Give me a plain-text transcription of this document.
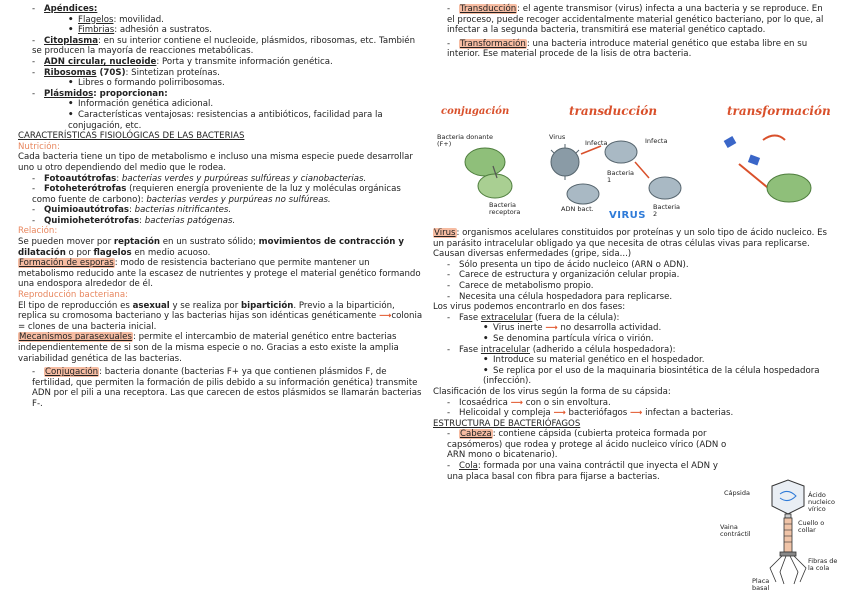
- Apéndices:

• Flagelos: movilidad.

• Fimbrias: adhesión a sustratos.

- Citoplasma: en su interior contiene el nucleoide, plásmidos, ribosomas, etc. También se producen la mayoría de reacciones metabólicas.

- ADN circular, nucleoide: Porta y transmite información genética.

- Ribosomas (70S): Sintetizan proteínas.

• Libres o formando polirribosomas.

- Plásmidos: proporcionan:

• Información genética adicional.

• Características ventajosas: resistencias a antibióticos, facilidad para la conjugación, etc.

CARACTERÍSTICAS FISIOLÓGICAS DE LAS BACTERIAS

Nutrición:

Cada bacteria tiene un tipo de metabolismo e incluso una misma especie puede desarrollar uno u otro dependiendo del medio que le rodea.

- Fotoautótrofas: bacterias verdes y purpúreas sulfúreas y cianobacterias.

- Fotoheterótrofas (requieren energía proveniente de la luz y moléculas orgánicas como fuente de carbono): bacterias verdes y purpúreas no sulfúreas.

- Quimioautótrofas: bacterias nitrificantes.

- Quimioheterótrofas: bacterias patógenas.

Relación:

Se pueden mover por reptación en un sustrato sólido; movimientos de contracción y dilatación o por flagelos en medio acuoso.

Formación de esporas: modo de resistencia bacteriano que permite mantener un metabolismo reducido ante la escasez de nutrientes y protege el material genético formando una endospora alrededor de él.

Reproducción bacteriana:

El tipo de reproducción es asexual y se realiza por bipartición. Previo a la bipartición, replica su cromosoma bacteriano y las bacterias hijas son idénticas genéticamente ⟶colonia = clones de una bacteria inicial.

Mecanismos parasexuales: permite el intercambio de material genético entre bacterias independientemente de si son de la misma especie o no. Gracias a esto existe la amplia variabilidad genética de las bacterias.

- Conjugación: bacteria donante (bacterias F+ ya que contienen plásmidos F, de fertilidad, que permiten la formación de pilis debido a su información genética) transmite ADN por el pili a una receptora. Las que carecen de estos plásmidos se llamarán bacterias F-.

- Transducción: el agente transmisor (virus) infecta a una bacteria y se reproduce. En el proceso, puede recoger accidentalmente material genético bacteriano, por lo que, al infectar a la segunda bacteria, transmitirá ese material genético captado.

- Transformación: una bacteria introduce material genético que estaba libre en su interior. Ese material procede de la lisis de otra bacteria.

conjugación	transducción	transformación
Bacteria donante (F+)
Bacteria receptora
Virus
Infecta	Infecta
Bacteria 1
Bacteria 2
ADN bact.
VIRUS

Virus: organismos acelulares constituidos por proteínas y un solo tipo de ácido nucleico. Es un parásito intracelular obligado ya que necesita de otras células vivas para replicarse. Causan diversas enfermedades (gripe, sida...)

- Sólo presenta un tipo de ácido nucleico (ARN o ADN).

- Carece de estructura y organización celular propia.

- Carece de metabolismo propio.

- Necesita una célula hospedadora para replicarse.

Los virus podemos encontrarlo en dos fases:

- Fase extracelular (fuera de la célula):

• Virus inerte ⟶ no desarrolla actividad.

• Se denomina partícula vírica o virión.

- Fase intracelular (adherido a célula hospedadora):

• Introduce su material genético en el hospedador.

• Se replica por el uso de la maquinaria biosintética de la célula hospedadora (infección).

Clasificación de los virus según la forma de su cápsida:

- Icosaédrica ⟶ con o sin envoltura.

- Helicoidal y compleja ⟶ bacteriófagos ⟶ infectan a bacterias.

ESTRUCTURA DE BACTERIÓFAGOS

- Cabeza: contiene cápsida (cubierta proteica formada por capsómeros) que rodea y protege al ácido nucleico vírico (ADN o ARN mono o bicatenario).

- Cola: formada por una vaina contráctil que inyecta el ADN y una placa basal con fibra para fijarse a bacterias.

Cápsida	Ácido nucleico vírico
Cuello o collar
Vaina contráctil
Fibras de la cola
Placa basal
